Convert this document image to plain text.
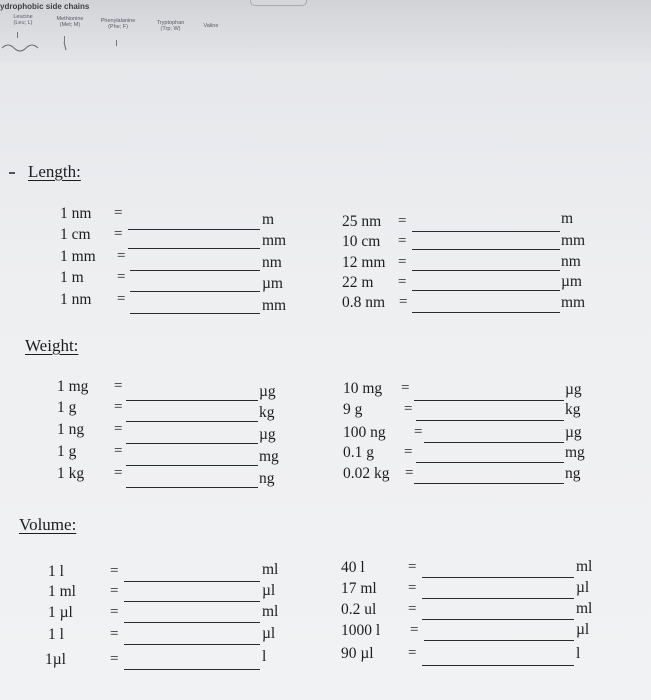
ydrophobic side chains
Leucine
(Leu; L)
Methionine
(Met; M)
Phenylalanine
(Phe; F)
Tryptophan
(Trp; W)	Valine
Length:
1 nm =	m
1 cm =	mm
1 mm =	nm
1 m =	µm
1 nm =	mm
25 nm =	m
10 cm =	mm
12 mm =	nm
22 m =	µm
0.8 nm =	mm
Weight:
1 mg =	µg
1 g	=	kg
1 ng =	µg
1 g	=	mg
1 kg =	ng
10 mg =	µg
9 g	=	kg
100 ng =	µg
0.1 g =	mg
0.02 kg =	ng
Volume:
1 l	=	ml
1 ml =	µl
1 µl =	ml
1 l	=	µl
1µl	=	l
40 l	=	ml
17 ml =	µl
0.2 ul =	ml
1000 l =	µl
90 µl =	l
